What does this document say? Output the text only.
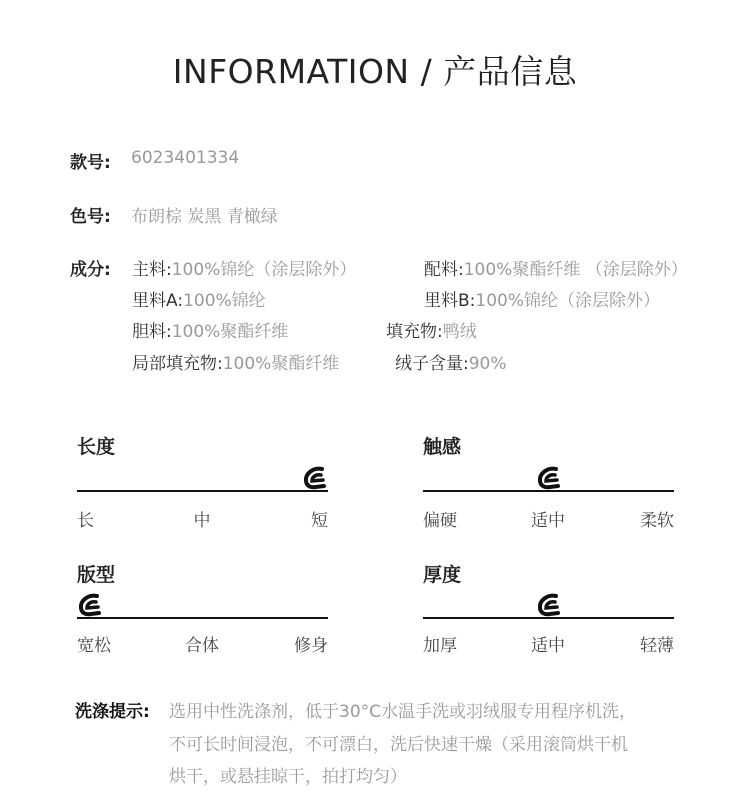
INFORMATION / 产品信息
款号: 6023401334
色号: 布朗棕 炭黑 青橄绿
成分: 主料:100%锦纶（涂层除外）	配料:100%聚酯纤维 （涂层除外）
里料A:100%锦纶	里料B:100%锦纶（涂层除外）
胆料:100%聚酯纤维	填充物:鸭绒
局部填充物:100%聚酯纤维	绒子含量:90%
长度
长	中	短
触感
偏硬	适中	柔软
版型
宽松	合体	修身
厚度
加厚	适中	轻薄
洗涤提示: 选用中性洗涤剂，低于30°C水温手洗或羽绒服专用程序机洗，
不可长时间浸泡，不可漂白，洗后快速干燥（采用滚筒烘干机
烘干，或悬挂晾干，拍打均匀）
